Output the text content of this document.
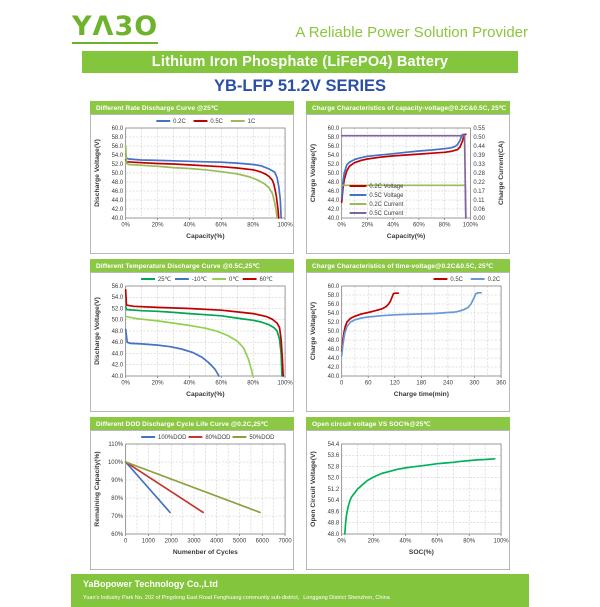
YΛ3O	A Reliable Power Solution Provider
Lithium Iron Phosphate (LiFePO4) Battery
YB-LFP 51.2V SERIES
Different Rate Discharge Curve @25℃
0%	20%	40%	60%	80%	100%
60.0
58.0
56.0
54.0
52.0
50.0
48.0
46.0
44.0
42.0
40.0
Discharge Voltage(V)
Capacity(%)
0.2C	0.5C	1C
Charge Characteristics of capacity-voltage@0.2C&0.5C, 25℃
0%	20% 40% 60% 80% 100%
60.0
58.0
56.0
54.0
52.0
50.0
48.0
46.0
44.0
42.0
40.0
0.55
0.50
0.44
0.39
0.33
0.28
0.22
0.17
0.11
0.06
0.00
Charge Voltage(V)
Capacity(%)
Charge Current(CA)
0.2C Voltage
0.5C Voltage
0.2C Current
0.5C Current
Different Temperature Discharge Curve @0.5C,25℃
0%	20%	40%	60%	80%	100%
56.0
54.0
52.0
50.0
48.0
46.0
44.0
42.0
40.0
Discharge Voltage(V)
Capacity(%)
25℃	-10℃	0℃	60℃
Charge Characteristics of time-voltage@0.2C&0.5C, 25℃
0	60	120	180	240	300	360
60.0
58.0
56.0
54.0
52.0
50.0
48.0
46.0
44.0
42.0
40.0
Charge Voltage(V)
Charge time(min)
0.5C	0.2C
Different DOD Discharge Cycle Life Curve @0.2C,25℃
0 1000 2000 3000 4000 5000 6000 7000
110%
100%
90%
80%
70%
60%
Remaining Capacity(%)
Numenber of Cycles
100%DOD	80%DOD	50%DOD
Open circuit voltage VS SOC%@25℃
0%	20%	40%	60%	80%	100%
54.4
53.6
52.8
52.0
51.2
50.4
49.6
48.8
48.0
Open Circuit Voltage(V)
SOC(%)
YaBopower Technology Co.,Ltd
Yuan's Industry Park No. 202 of Pingdong East Road Fenghuang community sub-district，Longgang District Shenzhen, China
